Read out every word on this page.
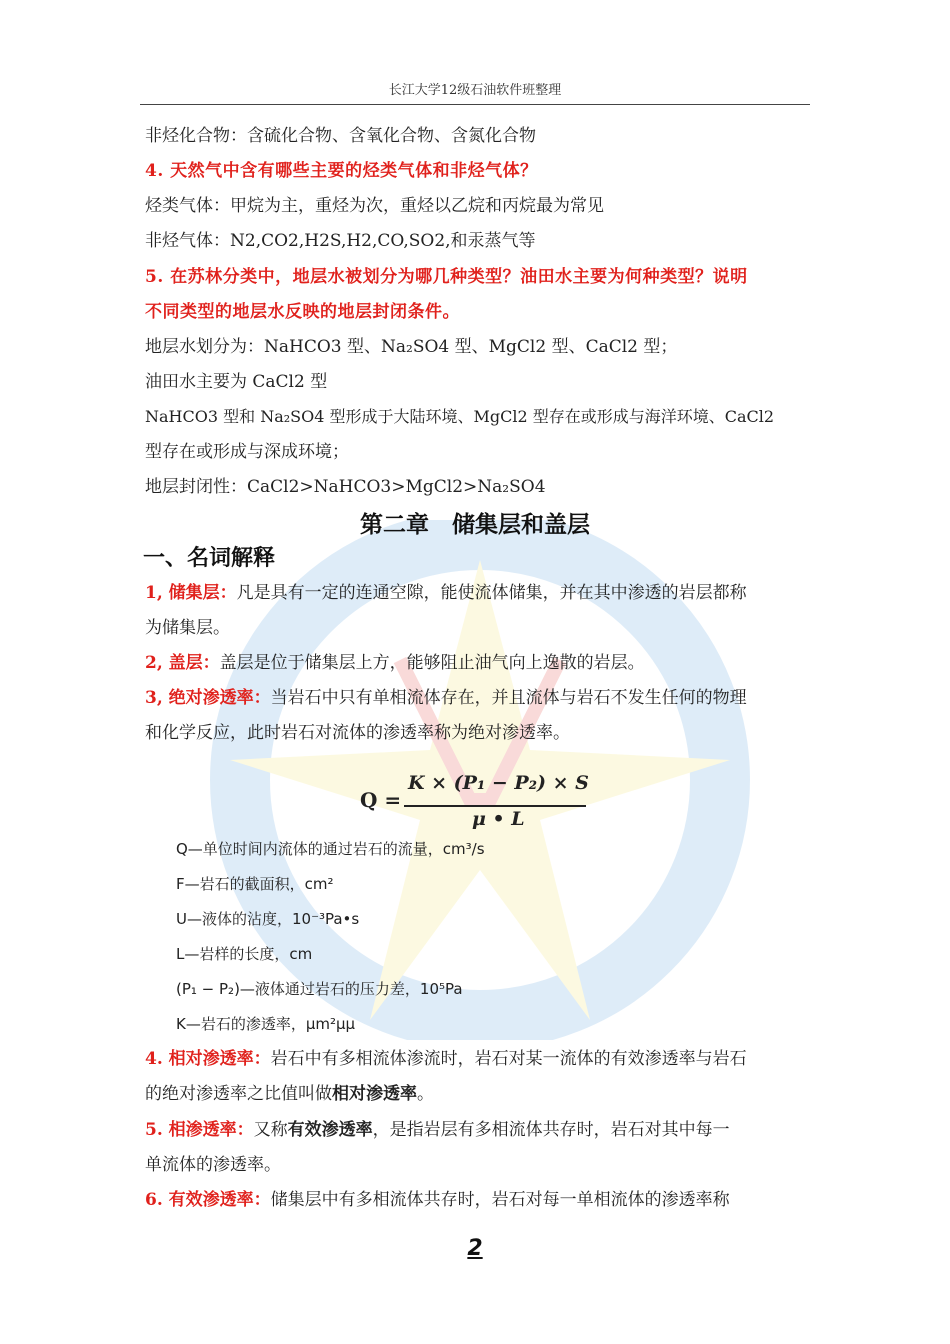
长江大学12级石油软件班整理
非烃化合物：含硫化合物、含氧化合物、含氮化合物
4. 天然气中含有哪些主要的烃类气体和非烃气体？
烃类气体：甲烷为主，重烃为次，重烃以乙烷和丙烷最为常见
非烃气体：N2,CO2,H2S,H2,CO,SO2,和汞蒸气等
5. 在苏林分类中，地层水被划分为哪几种类型？油田水主要为何种类型？说明
不同类型的地层水反映的地层封闭条件。
地层水划分为：NaHCO3 型、Na₂SO4 型、MgCl2 型、CaCl2 型；
油田水主要为 CaCl2 型
NaHCO3 型和 Na₂SO4 型形成于大陆环境、MgCl2 型存在或形成与海洋环境、CaCl2
型存在或形成与深成环境；
地层封闭性：CaCl2>NaHCO3>MgCl2>Na₂SO4
第二章　储集层和盖层
一、名词解释
1, 储集层：凡是具有一定的连通空隙，能使流体储集，并在其中渗透的岩层都称
为储集层。
2, 盖层：盖层是位于储集层上方，能够阻止油气向上逸散的岩层。
3, 绝对渗透率：当岩石中只有单相流体存在，并且流体与岩石不发生任何的物理
和化学反应，此时岩石对流体的渗透率称为绝对渗透率。
Q =
K × (P₁ − P₂) × S
μ • L
Q—单位时间内流体的通过岩石的流量，cm³/s
F—岩石的截面积，cm²
U—液体的沾度，10⁻³Pa•s
L—岩样的长度，cm
(P₁ − P₂)—液体通过岩石的压力差，10⁵Pa
K—岩石的渗透率，μm²μμ
4. 相对渗透率：岩石中有多相流体渗流时，岩石对某一流体的有效渗透率与岩石
的绝对渗透率之比值叫做相对渗透率。
5. 相渗透率：又称有效渗透率，是指岩层有多相流体共存时，岩石对其中每一
单流体的渗透率。
6. 有效渗透率：储集层中有多相流体共存时，岩石对每一单相流体的渗透率称
2
